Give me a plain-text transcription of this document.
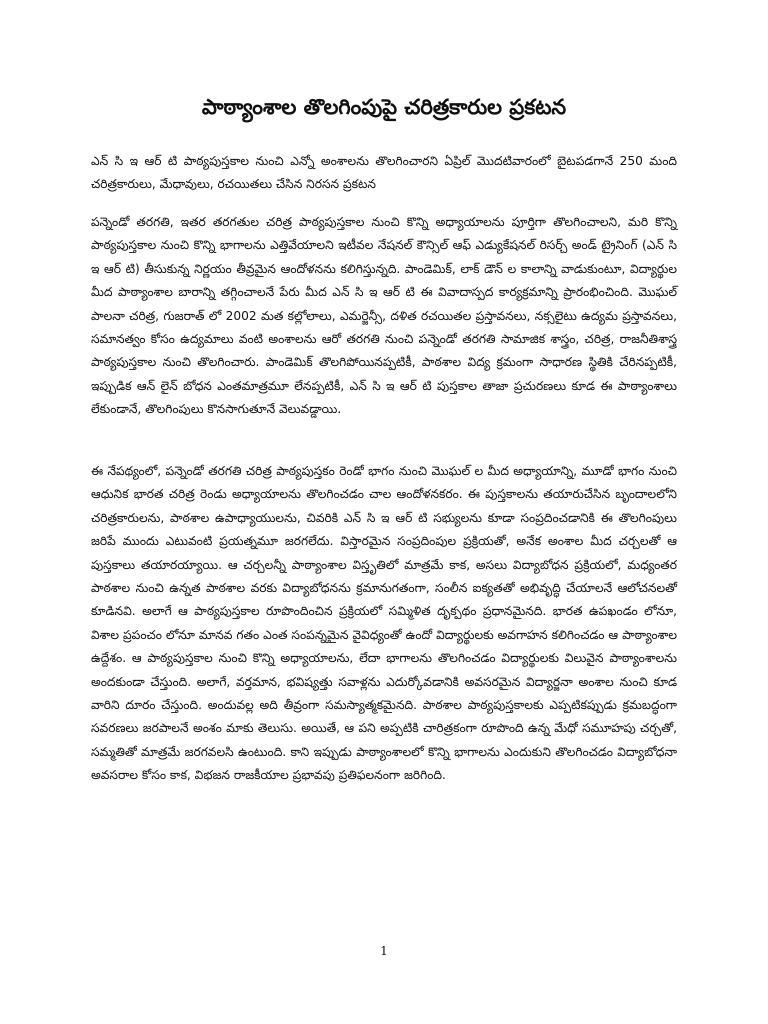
పాఠ్యాంశాల తొలగింపుపై చరిత్రకారుల ప్రకటన

ఎన్ సి ఇ ఆర్ టి పాఠ్యపుస్తకాల నుంచి ఎన్నో అంశాలను తొలగించారని ఏప్రిల్ మొదటివారంలో బైటపడగానే 250 మంది చరిత్రకారులు, మేధావులు, రచయితలు చేసిన నిరసన ప్రకటన

పన్నెండో తరగతి, ఇతర తరగతుల చరిత్ర పాఠ్యపుస్తకాల నుంచి కొన్ని అధ్యాయాలను పూర్తిగా తొలగించాలని, మరి కొన్ని పాఠ్యపుస్తకాల నుంచి కొన్ని భాగాలను ఎత్తివేయాలని ఇటీవల నేషనల్ కౌన్సిల్ ఆఫ్ ఎడ్యుకేషనల్ రిసర్చ్ అండ్ ట్రైనింగ్ (ఎన్ సి ఇ ఆర్ టి) తీసుకున్న నిర్ణయం తీవ్రమైన ఆందోళనను కలిగిస్తున్నది. పాండెమిక్, లాక్ డౌన్ ల కాలాన్ని వాడుకుంటూ, విద్యార్థుల మీద పాఠ్యాంశాల బారాన్ని తగ్గించాలనే పేరు మీద ఎన్ సి ఇ ఆర్ టి ఈ వివాదాస్పద కార్యక్రమాన్ని ప్రారంభించింది. మొఘల్ పాలనా చరిత్ర, గుజరాత్ లో 2002 మత కల్లోలాలు, ఎమర్జెన్సీ, దళిత రచయితల ప్రస్తావనలు, నక్సలైటు ఉద్యమ ప్రస్తావనలు, సమానత్వం కోసం ఉద్యమాలు వంటి అంశాలను ఆరో తరగతి నుంచి పన్నెండో తరగతి సామాజిక శాస్త్రం, చరిత్ర, రాజనీతిశాస్త్ర పాఠ్యపుస్తకాల నుంచి తొలగించారు. పాండెమిక్ తొలగిపోయినప్పటికీ, పాఠశాల విద్య క్రమంగా సాధారణ స్థితికి చేరినప్పటికీ, ఇప్పుడిక ఆన్ లైన్ బోధన ఎంతమాత్రమూ లేనప్పటికీ, ఎన్ సి ఇ ఆర్ టి పుస్తకాల తాజా ప్రచురణలు కూడ ఈ పాఠ్యాంశాలు లేకుండానే, తొలగింపులు కొనసాగుతూనే వెలువడ్డాయి.

ఈ నేపథ్యంలో, పన్నెండో తరగతి చరిత్ర పాఠ్యపుస్తకం రెండో భాగం నుంచి మొఘల్ ల మీద అధ్యాయాన్ని, మూడో భాగం నుంచి ఆధునిక భారత చరిత్ర రెండు అధ్యాయాలను తొలగించడం చాల ఆందోళనకరం. ఈ పుస్తకాలను తయారుచేసిన బృందాలలోని చరిత్రకారులను, పాఠశాల ఉపాధ్యాయులను, చివరికి ఎన్ సి ఇ ఆర్ టి సభ్యులను కూడా సంప్రదించడానికి ఈ తొలగింపులు జరిపే ముందు ఎటువంటి ప్రయత్నమూ జరగలేదు. విస్తారమైన సంప్రదింపుల ప్రక్రియతో, అనేక అంశాల మీద చర్చలతో ఆ పుస్తకాలు తయారయ్యాయి. ఆ చర్చలన్నీ పాఠ్యాంశాల విస్తృతిలో మాత్రమే కాక, అసలు విద్యాబోధన ప్రక్రియలో, మధ్యంతర పాఠశాల నుంచి ఉన్నత పాఠశాల వరకు విద్యాబోధనను క్రమానుగతంగా, సంలీన ఐక్యతతో అభివృద్ధి చేయాలనే ఆలోచనలతో కూడినవి. అలాగే ఆ పాఠ్యపుస్తకాల రూపొందించిన ప్రక్రియలో సమ్మిళిత దృక్పథం ప్రధానమైనది. భారత ఉపఖండం లోనూ, విశాల ప్రపంచం లోనూ మానవ గతం ఎంత సంపన్నమైన వైవిధ్యంతో ఉందో విద్యార్థులకు అవగాహన కలిగించడం ఆ పాఠ్యాంశాల ఉద్దేశం. ఆ పాఠ్యపుస్తకాల నుంచి కొన్ని అధ్యాయాలను, లేదా భాగాలను తొలగించడం విద్యార్థులకు విలువైన పాఠ్యాంశాలను అందకుండా చేస్తుంది. అలాగే, వర్తమాన, భవిష్యత్తు సవాళ్లను ఎదుర్కోవడానికి అవసరమైన విద్యార్జనా అంశాల నుంచి కూడ వారిని దూరం చేస్తుంది. అందువల్ల అది తీవ్రంగా సమస్యాత్మకమైనది. పాఠశాల పాఠ్యపుస్తకాలకు ఎప్పటికప్పుడు క్రమబద్ధంగా సవరణలు జరపాలనే అంశం మాకు తెలుసు. అయితే, ఆ పని అప్పటికి చారిత్రకంగా రూపొంది ఉన్న మేధో సమూహపు చర్చతో, సమ్మతితో మాత్రమే జరగవలసి ఉంటుంది. కాని ఇప్పుడు పాఠ్యాంశాలలో కొన్ని భాగాలను ఎందుకుని తొలగించడం విద్యాబోధనా అవసరాల కోసం కాక, విభజన రాజకీయాల ప్రభావపు ప్రతిఫలనంగా జరిగింది.

1
